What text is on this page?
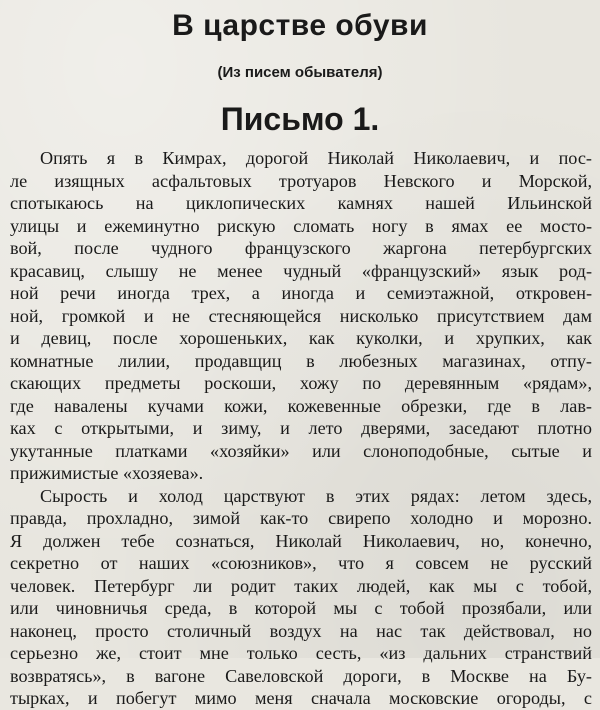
В царстве обуви
(Из писем обывателя)
Письмо 1.
Опять я в Кимрах, дорогой Николай Николаевич, и пос-
ле изящных асфальтовых тротуаров Невского и Морской,
спотыкаюсь на циклопических камнях нашей Ильинской
улицы и ежеминутно рискую сломать ногу в ямах ее мосто-
вой, после чудного французского жаргона петербургских
красавиц, слышу не менее чудный «французский» язык род-
ной речи иногда трех, а иногда и семиэтажной, откровен-
ной, громкой и не стесняющейся нисколько присутствием дам
и девиц, после хорошеньких, как куколки, и хрупких, как
комнатные лилии, продавщиц в любезных магазинах, отпу-
скающих предметы роскоши, хожу по деревянным «рядам»,
где навалены кучами кожи, кожевенные обрезки, где в лав-
ках с открытыми, и зиму, и лето дверями, заседают плотно
укутанные платками «хозяйки» или слоноподобные, сытые и
прижимистые «хозяева».
Сырость и холод царствуют в этих рядах: летом здесь,
правда, прохладно, зимой как-то свирепо холодно и морозно.
Я должен тебе сознаться, Николай Николаевич, но, конечно,
секретно от наших «союзников», что я совсем не русский
человек. Петербург ли родит таких людей, как мы с тобой,
или чиновничья среда, в которой мы с тобой прозябали, или
наконец, просто столичный воздух на нас так действовал, но
серьезно же, стоит мне только сесть, «из дальних странствий
возвратясь», в вагоне Савеловской дороги, в Москве на Бу-
тырках, и побегут мимо меня сначала московские огороды, с
